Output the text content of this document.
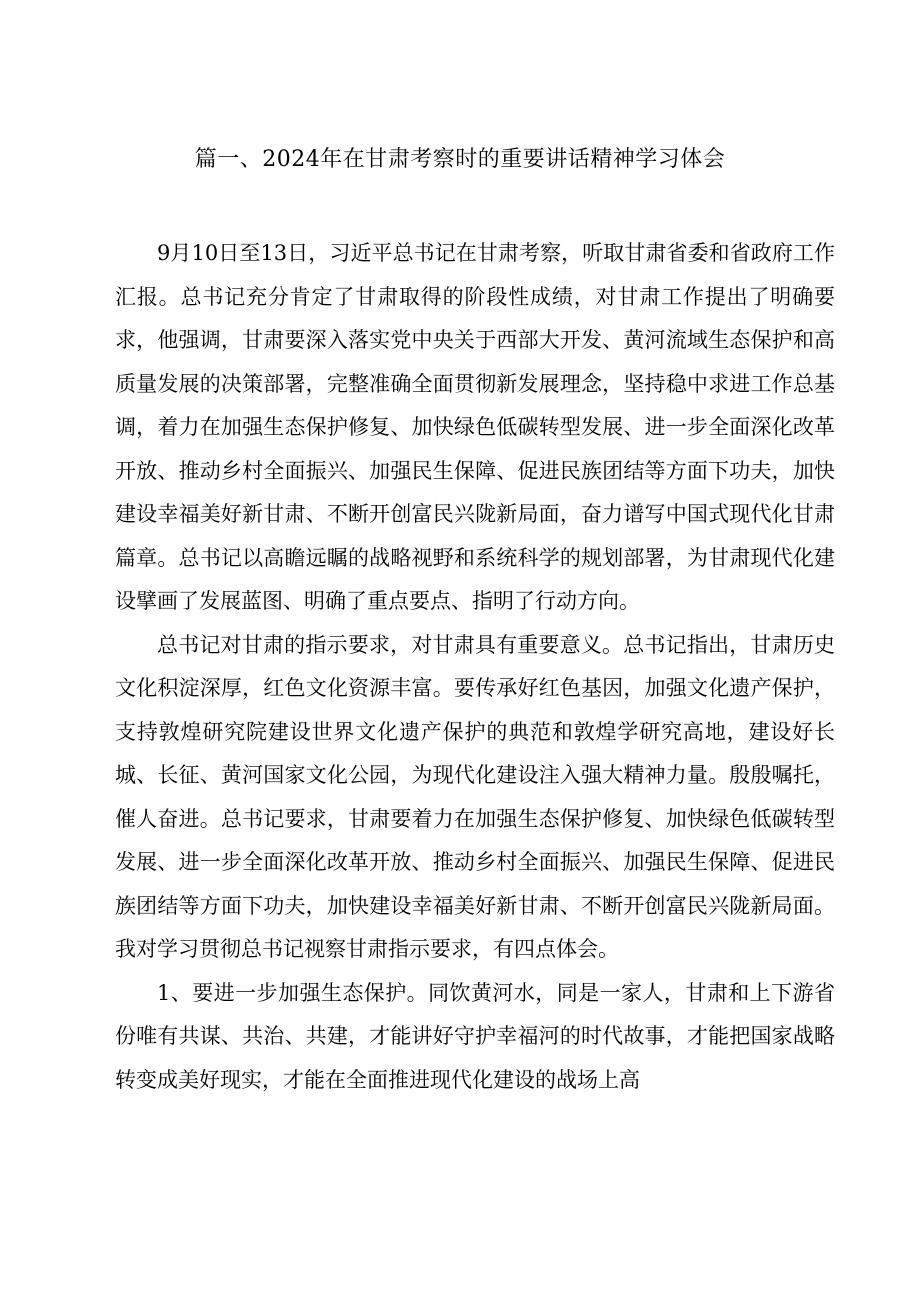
篇一、2024年在甘肃考察时的重要讲话精神学习体会

9月10日至13日，习近平总书记在甘肃考察，听取甘肃省委和省政府工作汇报。总书记充分肯定了甘肃取得的阶段性成绩，对甘肃工作提出了明确要求，他强调，甘肃要深入落实党中央关于西部大开发、黄河流域生态保护和高质量发展的决策部署，完整准确全面贯彻新发展理念，坚持稳中求进工作总基调，着力在加强生态保护修复、加快绿色低碳转型发展、进一步全面深化改革开放、推动乡村全面振兴、加强民生保障、促进民族团结等方面下功夫，加快建设幸福美好新甘肃、不断开创富民兴陇新局面，奋力谱写中国式现代化甘肃篇章。总书记以高瞻远瞩的战略视野和系统科学的规划部署，为甘肃现代化建设擘画了发展蓝图、明确了重点要点、指明了行动方向。

总书记对甘肃的指示要求，对甘肃具有重要意义。总书记指出，甘肃历史文化积淀深厚，红色文化资源丰富。要传承好红色基因，加强文化遗产保护，支持敦煌研究院建设世界文化遗产保护的典范和敦煌学研究高地，建设好长城、长征、黄河国家文化公园，为现代化建设注入强大精神力量。殷殷嘱托，催人奋进。总书记要求，甘肃要着力在加强生态保护修复、加快绿色低碳转型发展、进一步全面深化改革开放、推动乡村全面振兴、加强民生保障、促进民族团结等方面下功夫，加快建设幸福美好新甘肃、不断开创富民兴陇新局面。我对学习贯彻总书记视察甘肃指示要求，有四点体会。

1、要进一步加强生态保护。同饮黄河水，同是一家人，甘肃和上下游省份唯有共谋、共治、共建，才能讲好守护幸福河的时代故事，才能把国家战略转变成美好现实，才能在全面推进现代化建设的战场上高
